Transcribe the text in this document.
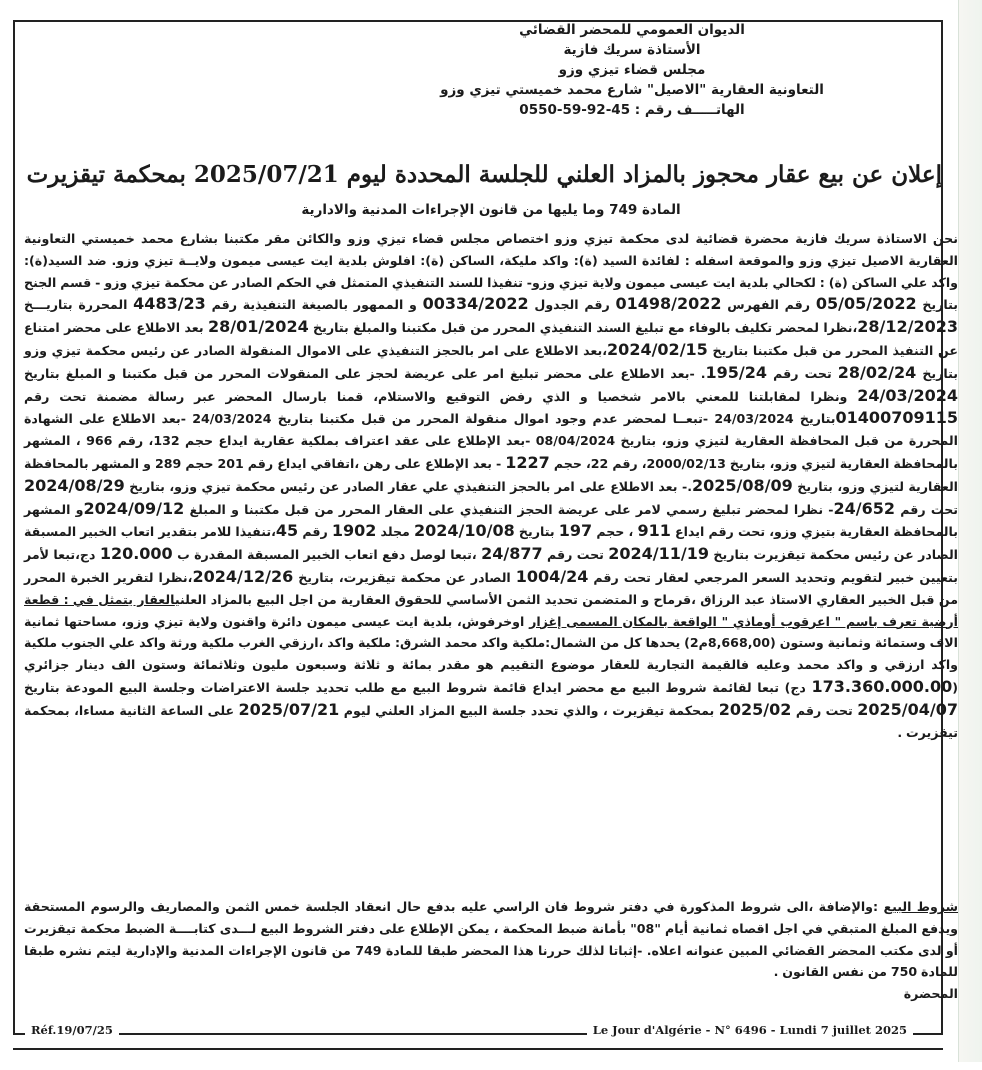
الديوان العمومي للمحضر القضائي
الأستاذة سريك فازية
مجلس قضاء تيزي وزو
التعاونية العقارية "الاصيل" شارع محمد خميستي تيزي وزو
الهاتـــــف رقم : 45-92-59-0550
إعلان عن بيع عقار محجوز بالمزاد العلني للجلسة المحددة ليوم 2025/07/21 بمحكمة تيقزيرت
المادة 749 وما يليها من قانون الإجراءات المدنية والادارية
نحن الاستاذة سريك فازية محضرة قضائية لدى محكمة تيزي وزو اختصاص مجلس قضاء تيزي وزو والكائن مقر مكتبنا بشارع محمد خميستي التعاونية العقارية الاصيل تيزي وزو والموقعة اسفله : لفائدة السيد (ة): واكد مليكة، الساكن (ة): افلوش بلدية ايت عيسى ميمون ولايــة تيزي وزو. ضد السيد(ة): واكد علي الساكن (ة) : لكحالي بلدية ايت عيسى ميمون ولاية تيزي وزو- تنفيذا للسند التنفيذي المتمثل في الحكم الصادر عن محكمة تيزي وزو - قسم الجنح بتاريخ 05/05/2022 رقم الفهرس 01498/2022 رقم الجدول 00334/2022 و الممهور بالصيغة التنفيذية رقم 4483/23 المحررة بتاريـــخ 28/12/2023،نظرا لمحضر تكليف بالوفاء مع تبليغ السند التنفيذي المحرر من قبل مكتبنا والمبلغ بتاريخ 28/01/2024 بعد الاطلاع على محضر امتناع عن التنفيذ المحرر من قبل مكتبنا بتاريخ 2024/02/15،بعد الاطلاع على امر بالحجز التنفيذي على الاموال المنقولة الصادر عن رئيس محكمة تيزي وزو بتاريخ 28/02/24 تحت رقم 195/24. -بعد الاطلاع على محضر تبليغ امر على عريضة لحجز على المنقولات المحرر من قبل مكتبنا و المبلغ بتاريخ 24/03/2024 ونظرا لمقابلتنا للمعني بالامر شخصيا و الذي رفض التوقيع والاستلام، قمنا بارسال المحضر عبر رسالة مضمنة تحت رقم 01400709115بتاريخ 24/03/2024 -تبعــا لمحضر عدم وجود اموال منقولة المحرر من قبل مكتبنا بتاريخ 24/03/2024 -بعد الاطلاع على الشهادة المحررة من قبل المحافظة العقارية لتيزي وزو، بتاريخ 08/04/2024 -بعد الإطلاع على عقد اعتراف بملكية عقارية ايداع حجم 132، رقم 966 ، المشهر بالمحافظة العقارية لتيزي وزو، بتاريخ 2000/02/13، رقم 22، حجم 1227 - بعد الإطلاع على رهن ،اتفاقي ايداع رقم 201 حجم 289 و المشهر بالمحافظة العقارية لتيزي وزو، بتاريخ 2025/08/09.- بعد الاطلاع على امر بالحجز التنفيذي علي عقار الصادر عن رئيس محكمة تيزي وزو، بتاريخ 2024/08/29 تحت رقم 24/652- نظرا لمحضر تبليغ رسمي لامر على عريضة الحجز التنفيذي على العقار المحرر من قبل مكتبنا و المبلغ 2024/09/12و المشهر بالمحافظة العقارية بتيزي وزو، تحت رقم ايداع 911 ، حجم 197 بتاريخ 2024/10/08 مجلد 1902 رقم 45،تنفيذا للامر بتقدير اتعاب الخبير المسبقة الصادر عن رئيس محكمة تيقزيرت بتاريخ 2024/11/19 تحت رقم 24/877 ،تبعا لوصل دفع اتعاب الخبير المسبقة المقدرة ب 120.000 دج،تبعا لأمر بتعيين خبير لتقويم وتحديد السعر المرجعي لعقار تحت رقم 1004/24 الصادر عن محكمة تيقزيرت، بتاريخ 2024/12/26،نظرا لتقرير الخبرة المحرر من قبل الخبير العقاري الاستاذ عبد الرزاق ،قرماح و المتضمن تحديد الثمن الأساسي للحقوق العقارية من اجل البيع بالمزاد العلنيالعقار يتمثل في : قطعة أرضية تعرف باسم " اعرقوب أوماذي " الواقعة بالمكان المسمى إغزار اوخرفوش، بلدية ايت عيسى ميمون دائرة واقنون ولاية تيزي وزو، مساحتها ثمانية الاف وستمائة وثمانية وستون (8,668,00م2) يحدها كل من الشمال:ملكية واكد محمد الشرق: ملكية واكد ،ارزقي الغرب ملكية ورثة واكد علي الجنوب ملكية واكد ارزقي و واكد محمد وعليه فالقيمة التجارية للعقار موضوع التقييم هو مقدر بمائة و ثلاثة وسبعون مليون وثلاثمائة وستون الف دينار جزائري (173.360.000.00 دج) تبعا لقائمة شروط البيع مع محضر ايداع قائمة شروط البيع مع طلب تحديد جلسة الاعتراضات وجلسة البيع المودعة بتاريخ 2025/04/07 تحت رقم 2025/02 بمحكمة تيقزيرت ، والذي تحدد جلسة البيع المزاد العلني ليوم 2025/07/21 على الساعة الثانية مساءا، بمحكمة تيقزيرت .
شروط البيع :والإضافة ،الى شروط المذكورة في دفتر شروط فان الراسي عليه بدفع حال انعقاد الجلسة خمس الثمن والمصاريف والرسوم المستحقة ويدفع المبلغ المتبقي في اجل اقصاه ثمانية أيام "08" بأمانة ضبط المحكمة ، يمكن الإطلاع على دفتر الشروط البيع لـــدى كتابــــة الضبط محكمة تيقزيرت أو لدى مكتب المحضر القضائي المبين عنوانه اعلاه. -إثباتا لذلك حررنا هذا المحضر طبقا للمادة 749 من قانون الإجراءات المدنية والإدارية ليتم نشره طبقا للمادة 750 من نفس القانون .
المحضرة
Réf.19/07/25	Le Jour d'Algérie - N° 6496 - Lundi 7 juillet 2025
